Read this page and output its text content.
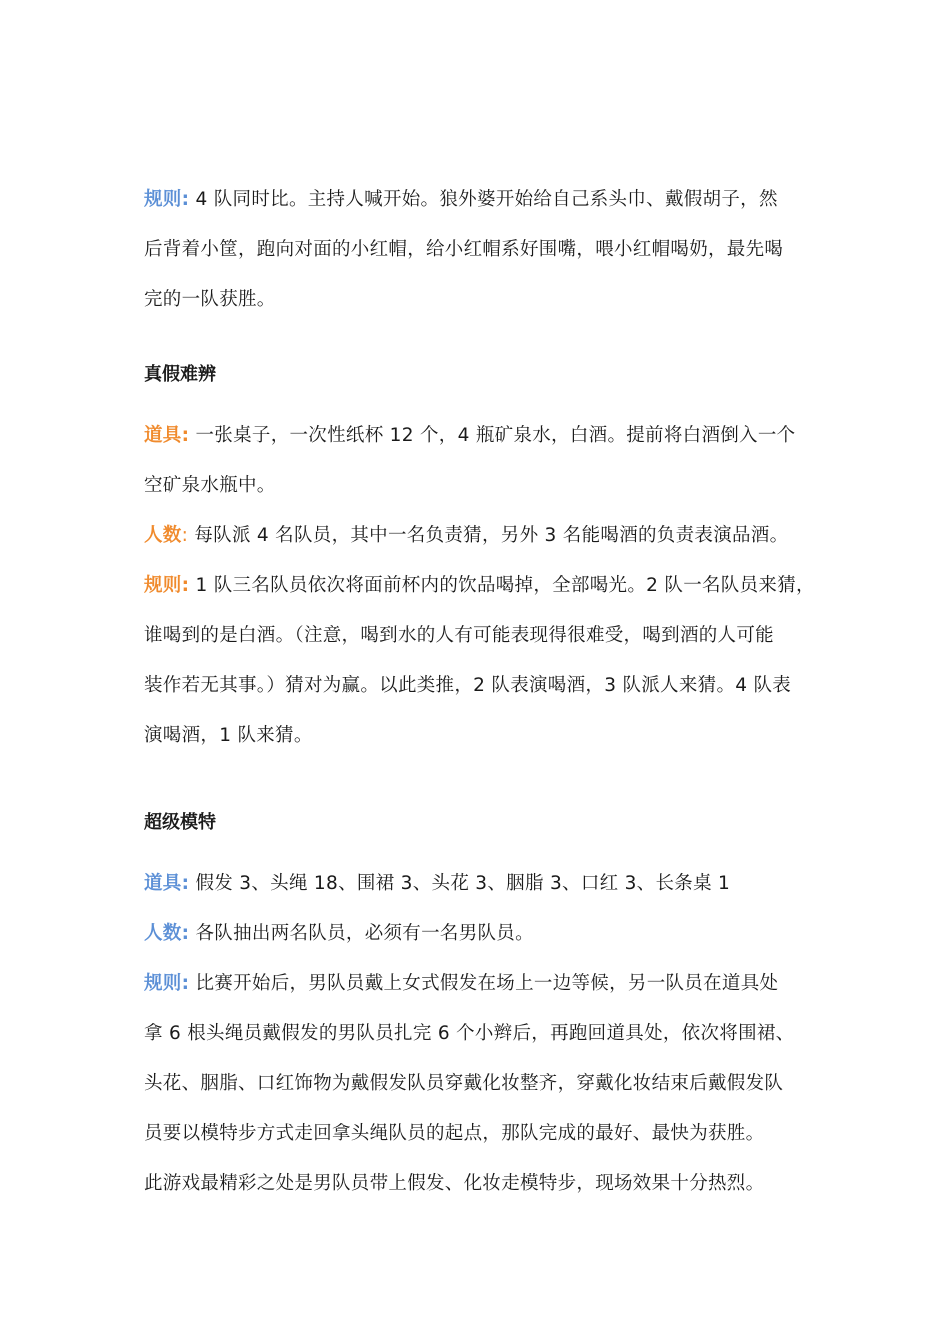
规则: 4 队同时比。主持人喊开始。狼外婆开始给自己系头巾、戴假胡子，然
后背着小筐，跑向对面的小红帽，给小红帽系好围嘴，喂小红帽喝奶，最先喝
完的一队获胜。
真假难辨
道具: 一张桌子，一次性纸杯 12 个，4 瓶矿泉水，白酒。提前将白酒倒入一个
空矿泉水瓶中。
人数: 每队派 4 名队员，其中一名负责猜，另外 3 名能喝酒的负责表演品酒。
规则: 1 队三名队员依次将面前杯内的饮品喝掉，全部喝光。2 队一名队员来猜，
谁喝到的是白酒。（注意，喝到水的人有可能表现得很难受，喝到酒的人可能
装作若无其事。）猜对为赢。以此类推，2 队表演喝酒，3 队派人来猜。4 队表
演喝酒，1 队来猜。
超级模特
道具: 假发 3、头绳 18、围裙 3、头花 3、胭脂 3、口红 3、长条桌 1
人数: 各队抽出两名队员，必须有一名男队员。
规则: 比赛开始后，男队员戴上女式假发在场上一边等候，另一队员在道具处
拿 6 根头绳员戴假发的男队员扎完 6 个小辫后，再跑回道具处，依次将围裙、
头花、胭脂、口红饰物为戴假发队员穿戴化妆整齐，穿戴化妆结束后戴假发队
员要以模特步方式走回拿头绳队员的起点，那队完成的最好、最快为获胜。
此游戏最精彩之处是男队员带上假发、化妆走模特步，现场效果十分热烈。
